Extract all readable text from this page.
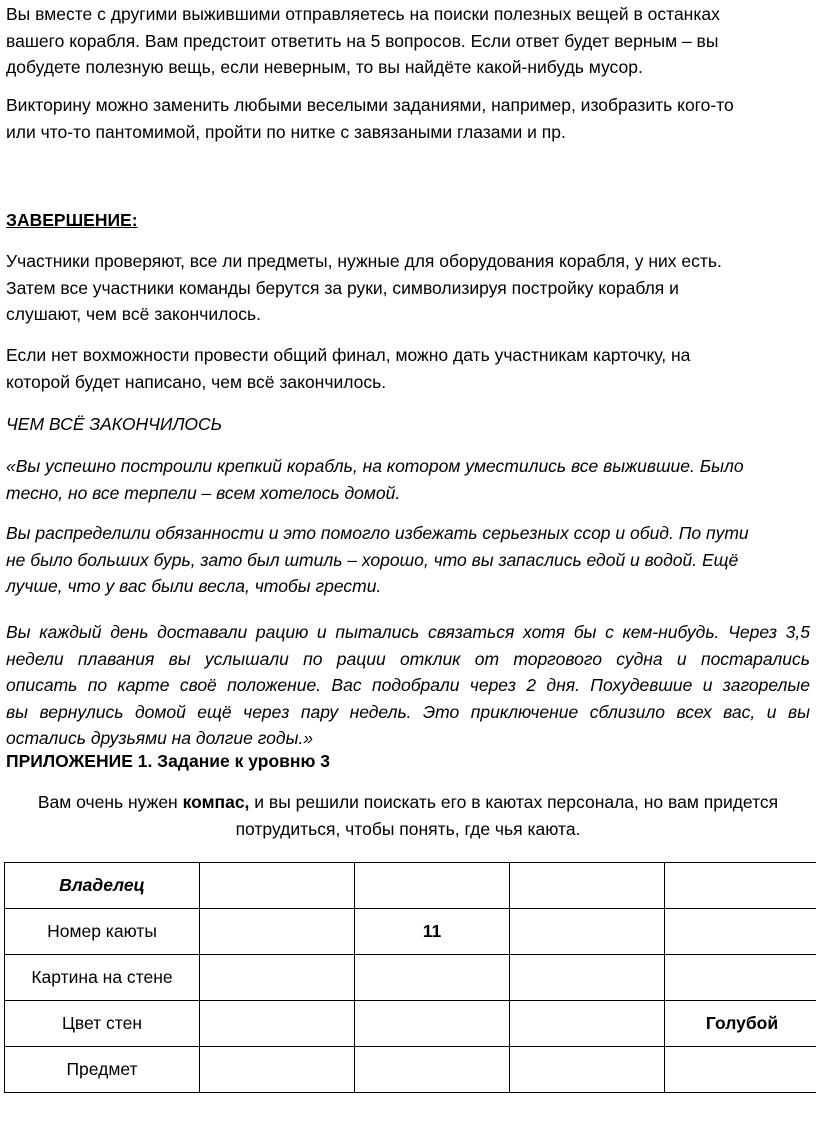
Вы вместе с другими выжившими отправляетесь на поиски полезных вещей в останках
вашего корабля. Вам предстоит ответить на 5 вопросов. Если ответ будет верным – вы
добудете полезную вещь, если неверным, то вы найдёте какой-нибудь мусор.
Викторину можно заменить любыми веселыми заданиями, например, изобразить кого-то
или что-то пантомимой, пройти по нитке с завязаными глазами и пр.
ЗАВЕРШЕНИЕ:
Участники проверяют, все ли предметы, нужные для оборудования корабля, у них есть.
Затем все участники команды берутся за руки, символизируя постройку корабля и
слушают, чем всё закончилось.
Если нет вохможности провести общий финал, можно дать участникам карточку, на
которой будет написано, чем всё закончилось.
ЧЕМ ВСЁ ЗАКОНЧИЛОСЬ
«Вы успешно построили крепкий корабль, на котором уместились все выжившие. Было
тесно, но все терпели – всем хотелось домой.
Вы распределили обязанности и это помогло избежать серьезных ссор и обид. По пути
не было больших бурь, зато был штиль – хорошо, что вы запаслись едой и водой. Ещё
лучше, что у вас были весла, чтобы грести.
Вы каждый день доставали рацию и пытались связаться хотя бы с кем-нибудь. Через 3,5
недели плавания вы услышали по рации отклик от торгового судна и постарались
описать по карте своё положение. Вас подобрали через 2 дня. Похудевшие и загорелые
вы вернулись домой ещё через пару недель. Это приключение сблизило всех вас, и вы
остались друзьями на долгие годы.»
ПРИЛОЖЕНИЕ 1. Задание к уровню 3
Вам очень нужен компас, и вы решили поискать его в каютах персонала, но вам придется
потрудиться, чтобы понять, где чья каюта.
Владелец				
Номер каюты		11		
Картина на стене				
Цвет стен				Голубой
Предмет				
